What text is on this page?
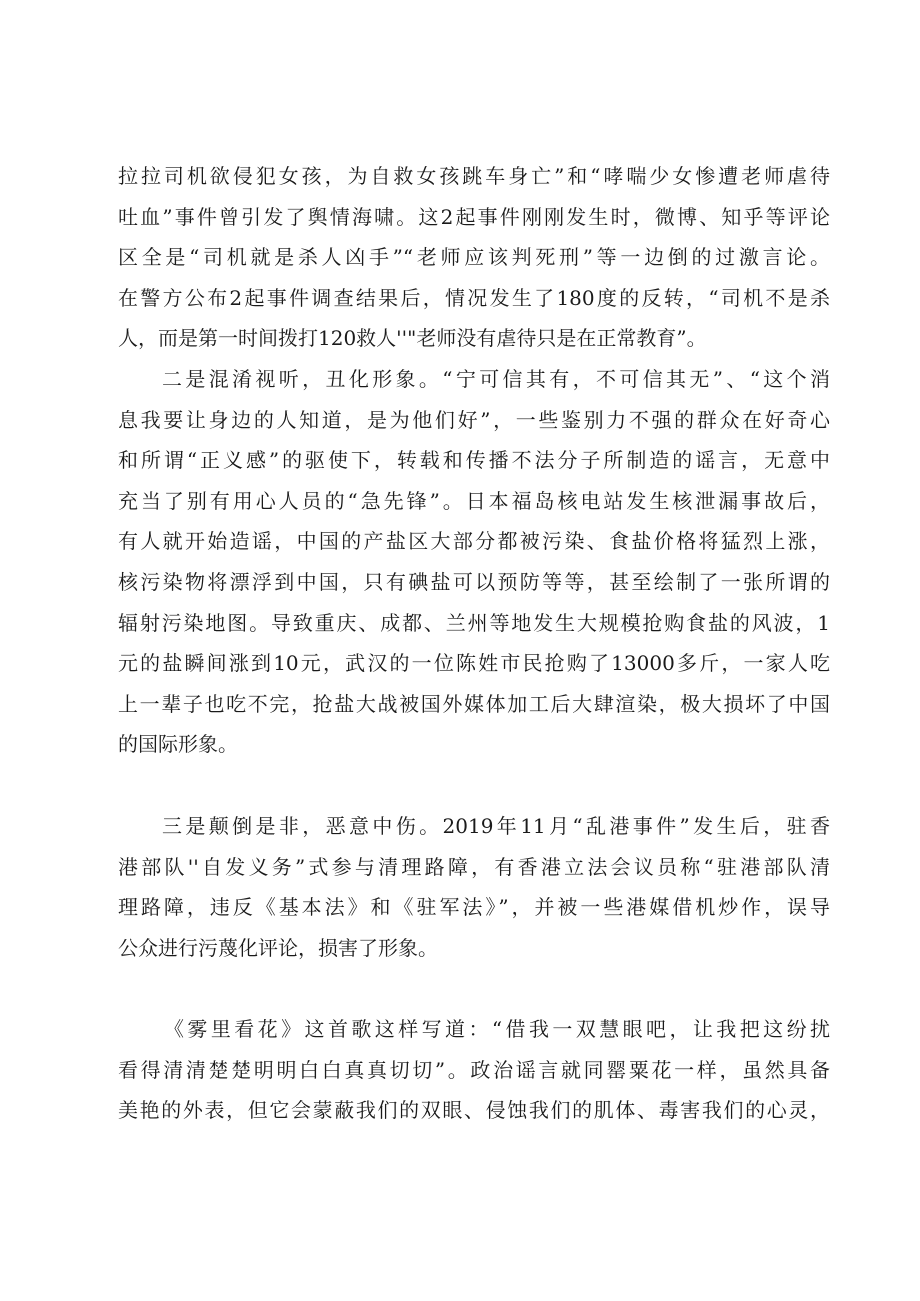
拉拉司机欲侵犯女孩，为自救女孩跳车身亡”和“哮喘少女惨遭老师虐待
吐血”事件曾引发了舆情海啸。这2起事件刚刚发生时，微博、知乎等评论
区全是“司机就是杀人凶手”“老师应该判死刑”等一边倒的过激言论。
在警方公布2起事件调查结果后，情况发生了180度的反转，“司机不是杀
人，而是第一时间拨打120救人''"老师没有虐待只是在正常教育”。
二是混淆视听，丑化形象。“宁可信其有，不可信其无”、“这个消
息我要让身边的人知道，是为他们好”，一些鉴别力不强的群众在好奇心
和所谓“正义感”的驱使下，转载和传播不法分子所制造的谣言，无意中
充当了别有用心人员的“急先锋”。日本福岛核电站发生核泄漏事故后，
有人就开始造谣，中国的产盐区大部分都被污染、食盐价格将猛烈上涨，
核污染物将漂浮到中国，只有碘盐可以预防等等，甚至绘制了一张所谓的
辐射污染地图。导致重庆、成都、兰州等地发生大规模抢购食盐的风波，1
元的盐瞬间涨到10元，武汉的一位陈姓市民抢购了13000多斤，一家人吃
上一辈子也吃不完，抢盐大战被国外媒体加工后大肆渲染，极大损坏了中国
的国际形象。
三是颠倒是非，恶意中伤。2019年11月“乱港事件”发生后，驻香
港部队''自发义务”式参与清理路障，有香港立法会议员称“驻港部队清
理路障，违反《基本法》和《驻军法》”，并被一些港媒借机炒作，误导
公众进行污蔑化评论，损害了形象。
《雾里看花》这首歌这样写道：“借我一双慧眼吧，让我把这纷扰
看得清清楚楚明明白白真真切切”。政治谣言就同罂粟花一样，虽然具备
美艳的外表，但它会蒙蔽我们的双眼、侵蚀我们的肌体、毒害我们的心灵，
